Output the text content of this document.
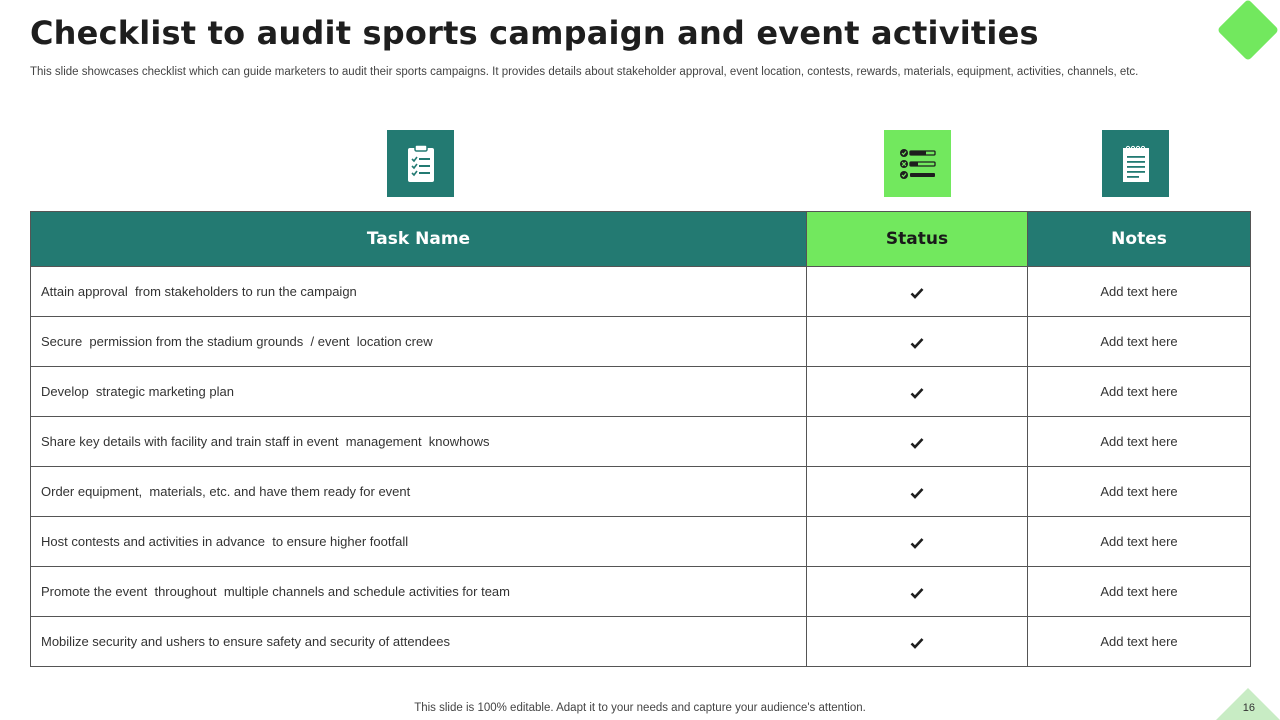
Checklist to audit sports campaign and event activities
This slide showcases checklist which can guide marketers to audit their sports campaigns. It provides details about stakeholder approval, event location, contests, rewards, materials, equipment, activities, channels, etc.
Task Name	Status	Notes
Attain approval  from stakeholders to run the campaign		Add text here
Secure  permission from the stadium grounds  / event  location crew		Add text here
Develop  strategic marketing plan		Add text here
Share key details with facility and train staff in event  management  knowhows		Add text here
Order equipment,  materials, etc. and have them ready for event		Add text here
Host contests and activities in advance  to ensure higher footfall		Add text here
Promote the event  throughout  multiple channels and schedule activities for team		Add text here
Mobilize security and ushers to ensure safety and security of attendees		Add text here
This slide is 100% editable. Adapt it to your needs and capture your audience's attention.	16
